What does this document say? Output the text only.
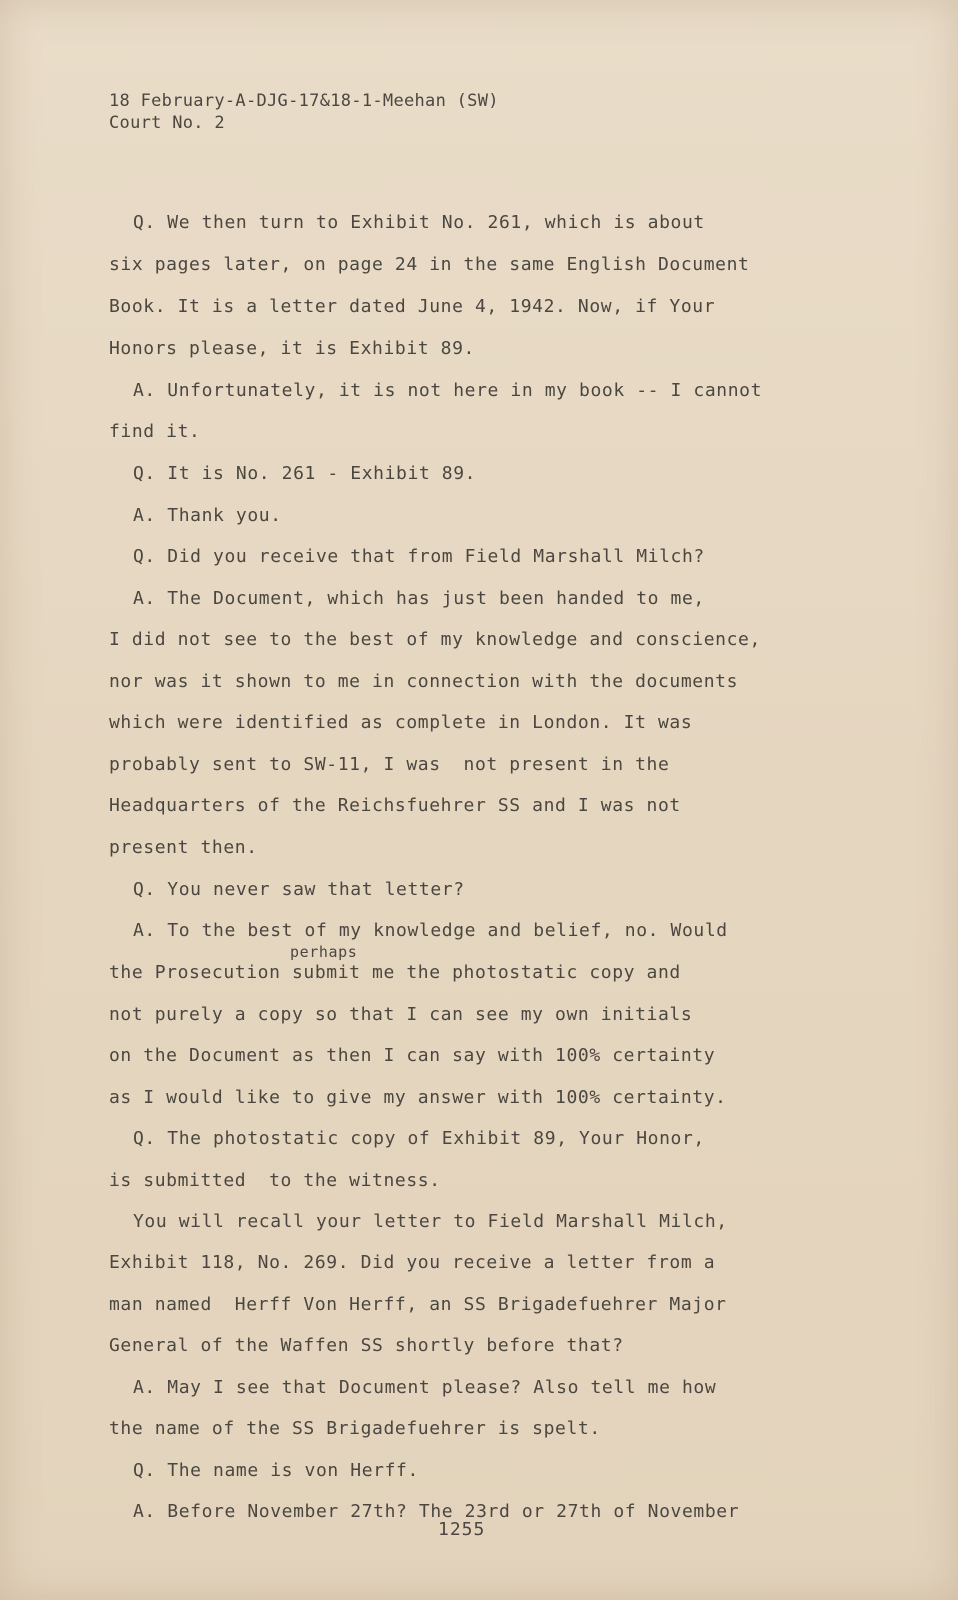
18 February-A-DJG-17&18-1-Meehan (SW)
Court No. 2
Q. We then turn to Exhibit No. 261, which is about
six pages later, on page 24 in the same English Document
Book. It is a letter dated June 4, 1942. Now, if Your
Honors please, it is Exhibit 89.
A. Unfortunately, it is not here in my book -- I cannot
find it.
Q. It is No. 261 - Exhibit 89.
A. Thank you.
Q. Did you receive that from Field Marshall Milch?
A. The Document, which has just been handed to me,
I did not see to the best of my knowledge and conscience,
nor was it shown to me in connection with the documents
which were identified as complete in London. It was
probably sent to SW-11, I was  not present in the
Headquarters of the Reichsfuehrer SS and I was not
present then.
Q. You never saw that letter?
A. To the best of my knowledge and belief, no. Would
perhaps
the Prosecution submit me the photostatic copy and
not purely a copy so that I can see my own initials
on the Document as then I can say with 100% certainty
as I would like to give my answer with 100% certainty.
Q. The photostatic copy of Exhibit 89, Your Honor,
is submitted  to the witness.
You will recall your letter to Field Marshall Milch,
Exhibit 118, No. 269. Did you receive a letter from a
man named  Herff Von Herff, an SS Brigadefuehrer Major
General of the Waffen SS shortly before that?
A. May I see that Document please? Also tell me how
the name of the SS Brigadefuehrer is spelt.
Q. The name is von Herff.
A. Before November 27th? The 23rd or 27th of November
1255
